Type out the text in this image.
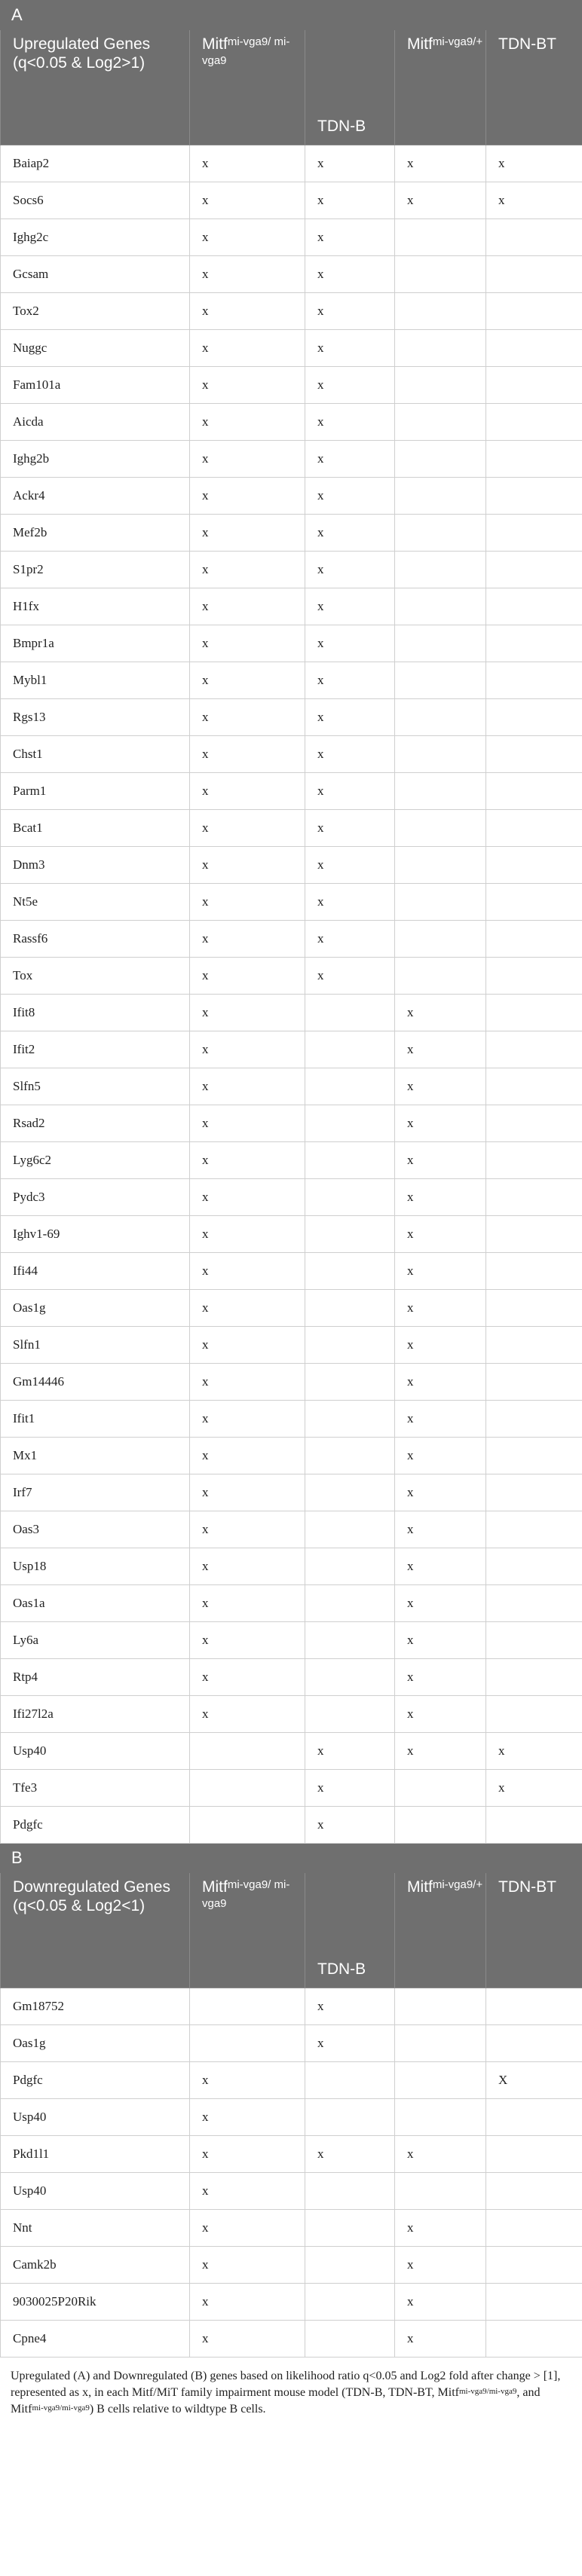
A				
Upregulated Genes (q<0.05 & Log2>1)	Mitf$^{mi-vga9/ mi-vga9}$	TDN-B	Mitf$^{mi-vga9/+}$	TDN-BT
Baiap2	x	x	x	x
Socs6	x	x	x	x
Ighg2c	x	x		
Gcsam	x	x		
Tox2	x	x		
Nuggc	x	x		
Fam101a	x	x		
Aicda	x	x		
Ighg2b	x	x		
Ackr4	x	x		
Mef2b	x	x		
S1pr2	x	x		
H1fx	x	x		
Bmpr1a	x	x		
Mybl1	x	x		
Rgs13	x	x		
Chst1	x	x		
Parm1	x	x		
Bcat1	x	x		
Dnm3	x	x		
Nt5e	x	x		
Rassf6	x	x		
Tox	x	x		
Ifit8	x		x	
Ifit2	x		x	
Slfn5	x		x	
Rsad2	x		x	
Lyg6c2	x		x	
Pydc3	x		x	
Ighv1-69	x		x	
Ifi44	x		x	
Oas1g	x		x	
Slfn1	x		x	
Gm14446	x		x	
Ifit1	x		x	
Mx1	x		x	
Irf7	x		x	
Oas3	x		x	
Usp18	x		x	
Oas1a	x		x	
Ly6a	x		x	
Rtp4	x		x	
Ifi27l2a	x		x	
Usp40		x	x	x
Tfe3		x		x
Pdgfc		x		
B				
Downregulated Genes (q<0.05 & Log2<1)	Mitf$^{mi-vga9/ mi-vga9}$	TDN-B	Mitf$^{mi-vga9/+}$	TDN-BT
Gm18752		x		
Oas1g		x		
Pdgfc	x			X
Usp40	x			
Pkd1l1	x	x	x	
Usp40	x			
Nnt	x		x	
Camk2b	x		x	
9030025P20Rik	x		x	
Cpne4	x		x	
Upregulated (A) and Downregulated (B) genes based on likelihood ratio q<0.05 and Log2 fold after change > [1], represented as x, in each Mitf/MiT family impairment mouse model (TDN-B, TDN-BT, Mitf$^{mi-vga9/mi-vga9}$, and Mitf$^{mi-vga9/mi-vga9}$) B cells relative to wildtype B cells.
